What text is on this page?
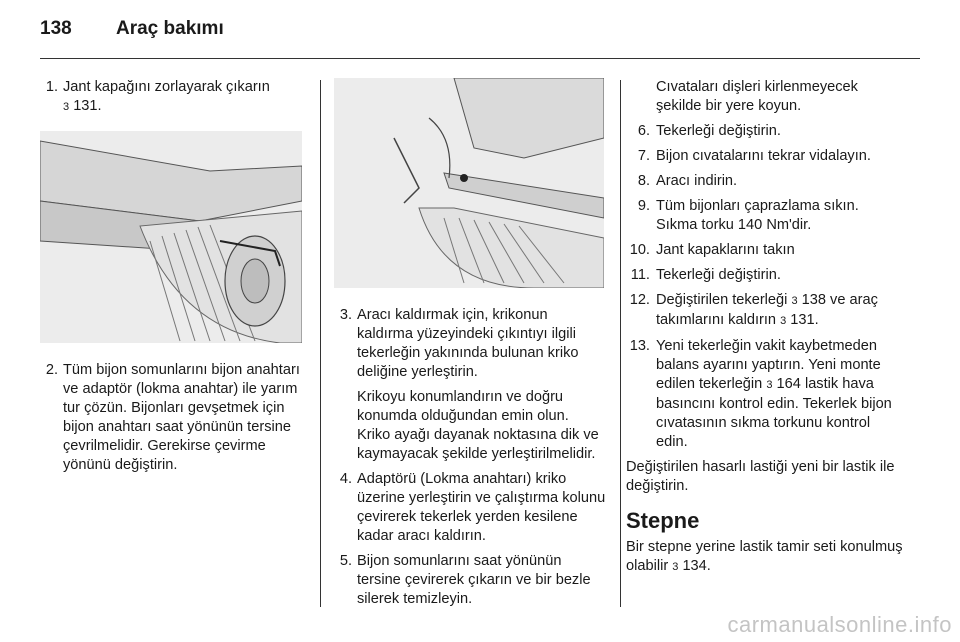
138 Araç bakımı
1. Jant kapağını zorlayarak çıkarın
3 131.
2. Tüm bijon somunlarını bijon anahtarı ve adaptör (lokma anahtar) ile yarım tur çözün. Bijonları gevşetmek için bijon anahtarı saat yönünün tersine çevrilmelidir. Gerekirse çevirme yönünü değiştirin.
3. Aracı kaldırmak için, krikonun kaldırma yüzeyindeki çıkıntıyı ilgili tekerleğin yakınında bulunan kriko deliğine yerleştirin.
Krikoyu konumlandırın ve doğru konumda olduğundan emin olun. Kriko ayağı dayanak noktasına dik ve kaymayacak şekilde yerleştirilmelidir.
4. Adaptörü (Lokma anahtarı) kriko üzerine yerleştirin ve çalıştırma kolunu çevirerek tekerlek yerden kesilene kadar aracı kaldırın.
5. Bijon somunlarını saat yönünün tersine çevirerek çıkarın ve bir bezle silerek temizleyin.
Cıvataları dişleri kirlenmeyecek şekilde bir yere koyun.
6. Tekerleği değiştirin.
7. Bijon cıvatalarını tekrar vidalayın.
8. Aracı indirin.
9. Tüm bijonları çaprazlama sıkın. Sıkma torku 140 Nm'dir.
10. Jant kapaklarını takın
11. Tekerleği değiştirin.
12. Değiştirilen tekerleği 3 138 ve araç takımlarını kaldırın 3 131.
13. Yeni tekerleğin vakit kaybetmeden balans ayarını yaptırın. Yeni monte edilen tekerleğin 3 164 lastik hava basıncını kontrol edin. Tekerlek bijon cıvatasının sıkma torkunu kontrol edin.
Değiştirilen hasarlı lastiği yeni bir lastik ile değiştirin.
Stepne
Bir stepne yerine lastik tamir seti konulmuş olabilir 3 134.
carmanualsonline.info
